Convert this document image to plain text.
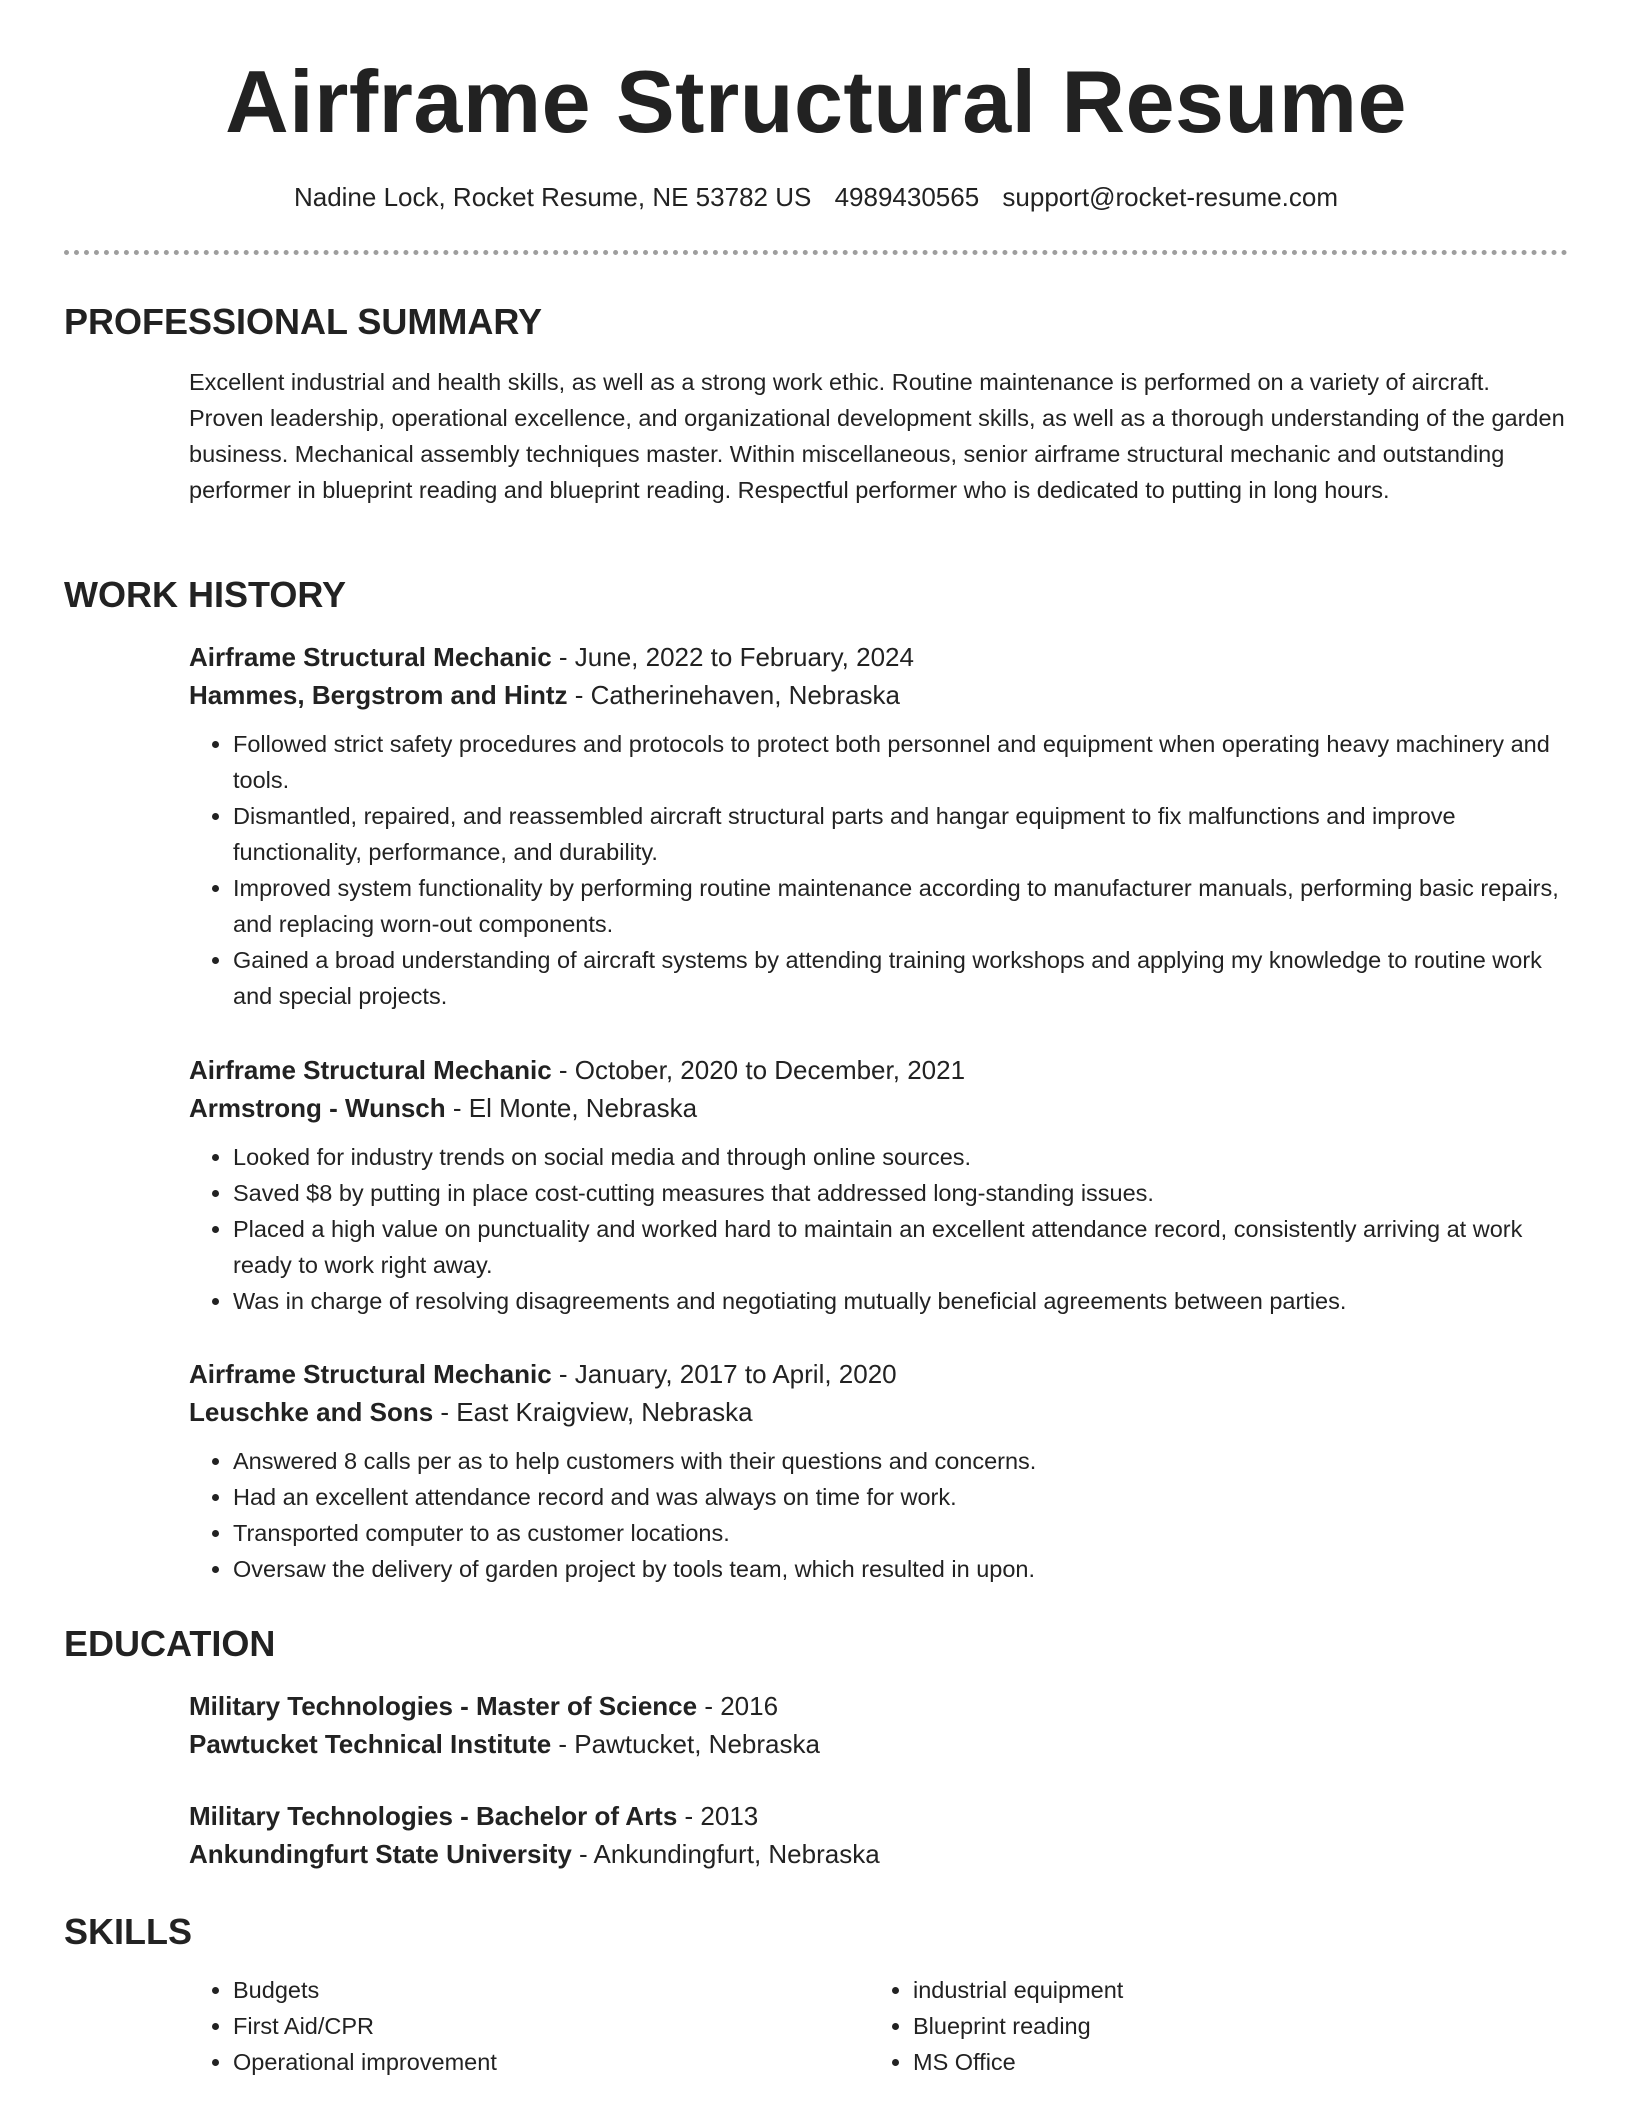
Airframe Structural Resume
Nadine Lock, Rocket Resume, NE 53782 US 4989430565 support@rocket-resume.com
PROFESSIONAL SUMMARY

Excellent industrial and health skills, as well as a strong work ethic. Routine maintenance is performed on a variety of aircraft. Proven leadership, operational excellence, and organizational development skills, as well as a thorough understanding of the garden business. Mechanical assembly techniques master. Within miscellaneous, senior airframe structural mechanic and outstanding performer in blueprint reading and blueprint reading. Respectful performer who is dedicated to putting in long hours.

WORK HISTORY
Airframe Structural Mechanic - June, 2022 to February, 2024
Hammes, Bergstrom and Hintz - Catherinehaven, Nebraska
• Followed strict safety procedures and protocols to protect both personnel and equipment when operating heavy machinery and tools.
• Dismantled, repaired, and reassembled aircraft structural parts and hangar equipment to fix malfunctions and improve functionality, performance, and durability.
• Improved system functionality by performing routine maintenance according to manufacturer manuals, performing basic repairs, and replacing worn-out components.
• Gained a broad understanding of aircraft systems by attending training workshops and applying my knowledge to routine work and special projects.
Airframe Structural Mechanic - October, 2020 to December, 2021
Armstrong - Wunsch - El Monte, Nebraska
• Looked for industry trends on social media and through online sources.
• Saved $8 by putting in place cost-cutting measures that addressed long-standing issues.
• Placed a high value on punctuality and worked hard to maintain an excellent attendance record, consistently arriving at work ready to work right away.
• Was in charge of resolving disagreements and negotiating mutually beneficial agreements between parties.
Airframe Structural Mechanic - January, 2017 to April, 2020
Leuschke and Sons - East Kraigview, Nebraska
• Answered 8 calls per as to help customers with their questions and concerns.
• Had an excellent attendance record and was always on time for work.
• Transported computer to as customer locations.
• Oversaw the delivery of garden project by tools team, which resulted in upon.
EDUCATION
Military Technologies - Master of Science - 2016
Pawtucket Technical Institute - Pawtucket, Nebraska
Military Technologies - Bachelor of Arts - 2013
Ankundingfurt State University - Ankundingfurt, Nebraska
SKILLS
• Budgets
• First Aid/CPR
• Operational improvement
• industrial equipment
• Blueprint reading
• MS Office
